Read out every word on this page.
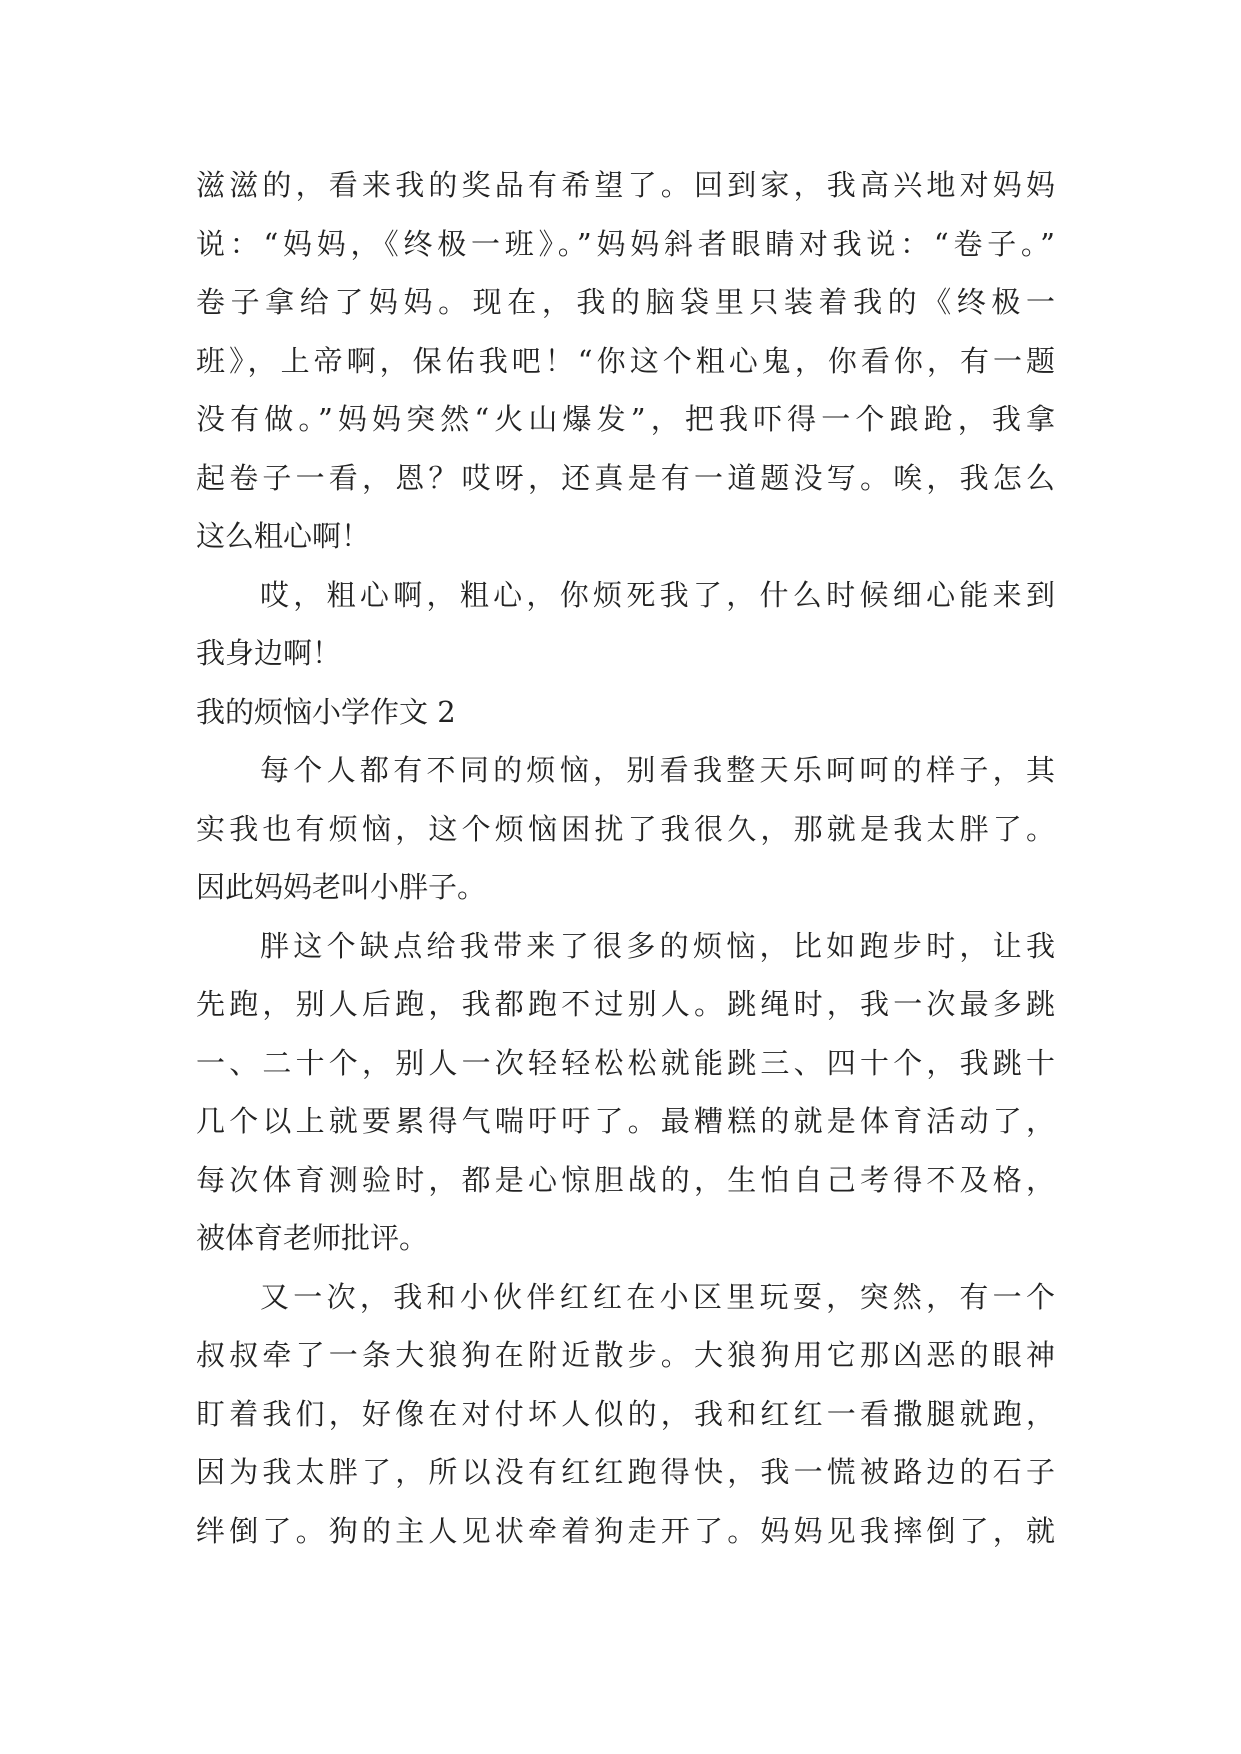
滋滋的，看来我的奖品有希望了。回到家，我高兴地对妈妈
说：“妈妈，《终极一班》。”妈妈斜者眼睛对我说：“卷子。”
卷子拿给了妈妈。现在，我的脑袋里只装着我的《终极一
班》，上帝啊，保佑我吧！“你这个粗心鬼，你看你，有一题
没有做。”妈妈突然“火山爆发”，把我吓得一个踉跄，我拿
起卷子一看，恩？哎呀，还真是有一道题没写。唉，我怎么
这么粗心啊！
哎，粗心啊，粗心，你烦死我了，什么时候细心能来到
我身边啊！
我的烦恼小学作文 2
每个人都有不同的烦恼，别看我整天乐呵呵的样子，其
实我也有烦恼，这个烦恼困扰了我很久，那就是我太胖了。
因此妈妈老叫小胖子。
胖这个缺点给我带来了很多的烦恼，比如跑步时，让我
先跑，别人后跑，我都跑不过别人。跳绳时，我一次最多跳
一、二十个，别人一次轻轻松松就能跳三、四十个，我跳十
几个以上就要累得气喘吁吁了。最糟糕的就是体育活动了，
每次体育测验时，都是心惊胆战的，生怕自己考得不及格，
被体育老师批评。
又一次，我和小伙伴红红在小区里玩耍，突然，有一个
叔叔牵了一条大狼狗在附近散步。大狼狗用它那凶恶的眼神
盯着我们，好像在对付坏人似的，我和红红一看撒腿就跑，
因为我太胖了，所以没有红红跑得快，我一慌被路边的石子
绊倒了。狗的主人见状牵着狗走开了。妈妈见我摔倒了，就
